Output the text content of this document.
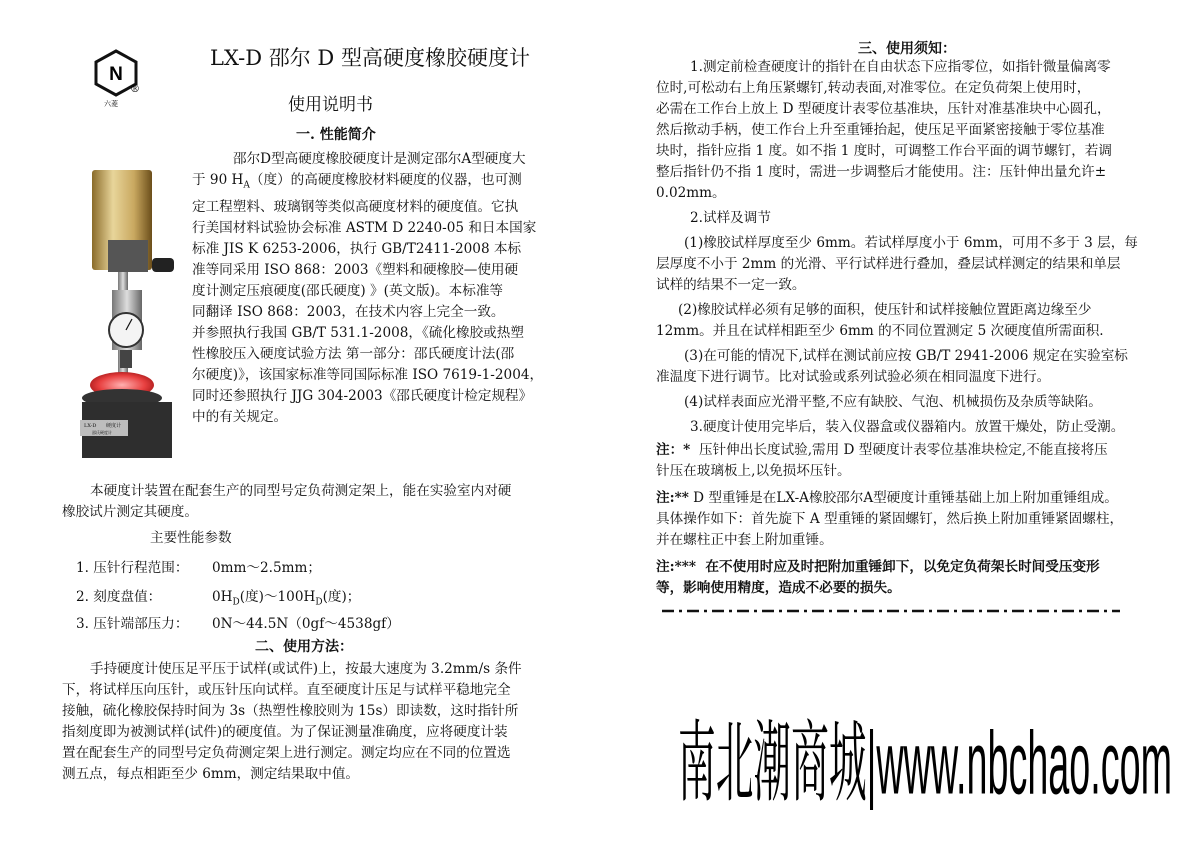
N
六菱
®
LX-D 邵尔 D 型高硬度橡胶硬度计
使用说明书
一. 性能简介
LX-D 硬度计
邵氏硬度计

邵尔D型高硬度橡胶硬度计是测定邵尔A型硬度大

于 90 $H_A$（度）的高硬度橡胶材料硬度的仪器，也可测

定工程塑料、玻璃钢等类似高硬度材料的硬度值。它执

行美国材料试验协会标准 ASTM D 2240-05 和日本国家

标准 JIS K 6253-2006，执行 GB/T2411-2008 本标

准等同采用 ISO 868：2003《塑料和硬橡胶—使用硬

度计测定压痕硬度(邵氏硬度) 》(英文版)。本标准等

同翻译 ISO 868：2003，在技术内容上完全一致。

并参照执行我国 GB/T 531.1-2008，《硫化橡胶或热塑

性橡胶压入硬度试验方法 第一部分：邵氏硬度计法(邵

尔硬度)》，该国家标准等同国际标准 ISO 7619-1-2004，

同时还参照执行 JJG 304-2003《邵氏硬度计检定规程》

中的有关规定。

本硬度计装置在配套生产的同型号定负荷测定架上，能在实验室内对硬

橡胶试片测定其硬度。

主要性能参数
1. 压针行程范围： 0mm～2.5mm；
2. 刻度盘值：	$0H_D$(度)$\sim 100H_D$(度)；
3. 压针端部压力： 0N～44.5N（0gf～4538gf）
二、使用方法：

手持硬度计使压足平压于试样(或试件)上，按最大速度为 3.2mm/s 条件

下，将试样压向压针，或压针压向试样。直至硬度计压足与试样平稳地完全

接触，硫化橡胶保持时间为 3s（热塑性橡胶则为 15s）即读数，这时指针所

指刻度即为被测试样(试件)的硬度值。为了保证测量准确度，应将硬度计装

置在配套生产的同型号定负荷测定架上进行测定。测定均应在不同的位置选

测五点，每点相距至少 6mm，测定结果取中值。

三、使用须知：

1.测定前检查硬度计的指针在自由状态下应指零位，如指针微量偏离零

位时,可松动右上角压紧螺钉,转动表面,对准零位。在定负荷架上使用时，

必需在工作台上放上 D 型硬度计表零位基准块，压针对准基准块中心圆孔，

然后揿动手柄，使工作台上升至重锤抬起，使压足平面紧密接触于零位基准

块时，指针应指 1 度。如不指 1 度时，可调整工作台平面的调节螺钉，若调

整后指针仍不指 1 度时，需进一步调整后才能使用。注：压针伸出量允许±

0.02mm。

2.试样及调节

(1)橡胶试样厚度至少 6mm。若试样厚度小于 6mm，可用不多于 3 层，每

层厚度不小于 2mm 的光滑、平行试样进行叠加，叠层试样测定的结果和单层

试样的结果不一定一致。

(2)橡胶试样必须有足够的面积，使压针和试样接触位置距离边缘至少

12mm。并且在试样相距至少 6mm 的不同位置测定 5 次硬度值所需面积.

(3)在可能的情况下,试样在测试前应按 GB/T 2941-2006 规定在实验室标

准温度下进行调节。比对试验或系列试验必须在相同温度下进行。

(4)试样表面应光滑平整,不应有缺胶、气泡、机械损伤及杂质等缺陷。

3.硬度计使用完毕后，装入仪器盒或仪器箱内。放置干燥处，防止受潮。

注：* 压针伸出长度试验,需用 D 型硬度计表零位基准块检定,不能直接将压

针压在玻璃板上,以免损坏压针。

注:** D 型重锤是在LX-A橡胶邵尔A型硬度计重锤基础上加上附加重锤组成。

具体操作如下：首先旋下 A 型重锤的紧固螺钉，然后换上附加重锤紧固螺柱，

并在螺柱正中套上附加重锤。

注:*** 在不使用时应及时把附加重锤卸下，以免定负荷架长时间受压变形

等，影响使用精度，造成不必要的损失。

南北潮商城|www.nbchao.com
